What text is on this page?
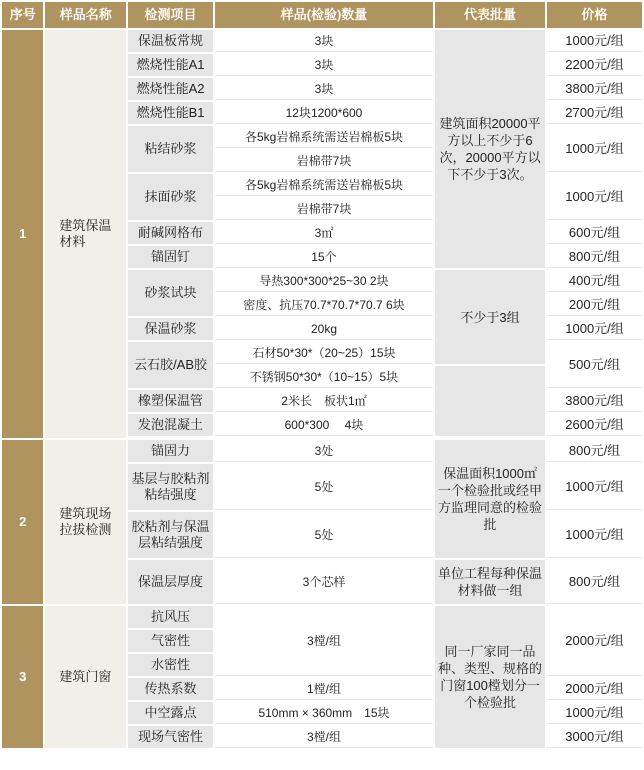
序号	样品名称	检测项目	样品(检验)数量	代表批量	价格
1	建筑保温材料	保温板常规	3块	建筑面积20000平方以上不少于6次，20000平方以下不少于3次。	1000元/组
		燃烧性能A1	3块		2200元/组
		燃烧性能A2	3块		3800元/组
		燃烧性能B1	12块1200*600		2700元/组
		粘结砂浆	各5kg岩棉系统需送岩棉板5块		1000元/组
			岩棉带7块		
		抹面砂浆	各5kg岩棉系统需送岩棉板5块		1000元/组
			岩棉带7块		
		耐碱网格布	3㎡		600元/组
		锚固钉	15个		800元/组
		砂浆试块	导热300*300*25~30 2块	不少于3组	400元/组
			密度、抗压70.7*70.7*70.7 6块		200元/组
		保温砂浆	20kg		1000元/组
		云石胶/AB胶	石材50*30*（20~25）15块		500元/组
			不锈钢50*30*（10~15）5块		
		橡塑保温管	2米长　板状1㎡		3800元/组
		发泡混凝土	600*300　 4块		2600元/组

2	建筑现场拉拔检测	锚固力	3处	保温面积1000㎡一个检验批或经甲方监理同意的检验批	800元/组
		基层与胶粘剂粘结强度	5处		1000元/组
		胶粘剂与保温层粘结强度	5处		1000元/组
		保温层厚度	3个芯样	单位工程每种保温材料做一组	800元/组
3	建筑门窗	抗风压	3樘/组	同一厂家同一品种、类型、规格的门窗100樘划分一个检验批	2000元/组
		气密性			
		水密性			
		传热系数	1樘/组		2000元/组
		中空露点	510mm × 360mm　15块		1000元/组
		现场气密性	3樘/组		3000元/组
